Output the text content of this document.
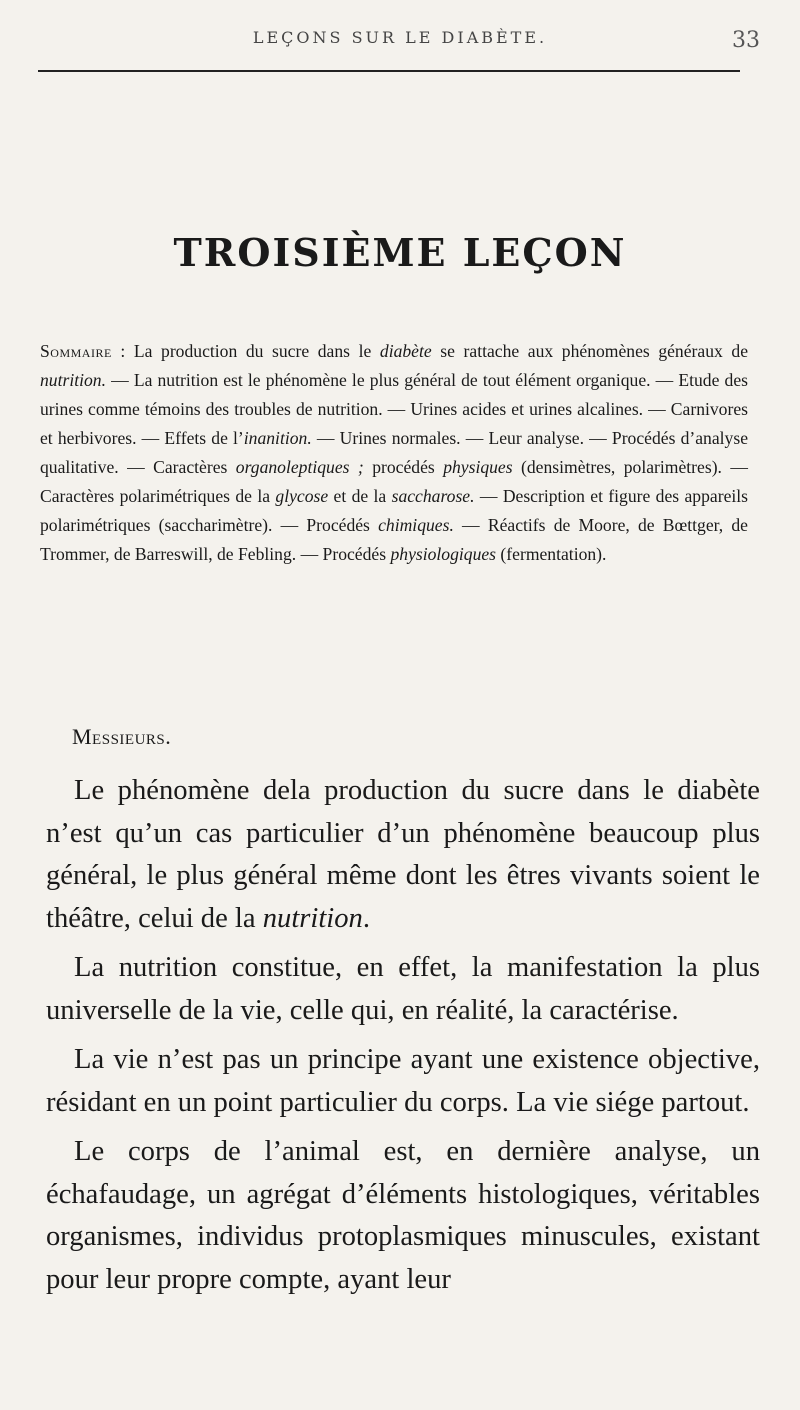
LEÇONS SUR LE DIABÈTE.	33
TROISIÈME LEÇON
Sommaire : La production du sucre dans le diabète se rattache aux phénomènes généraux de nutrition. — La nutrition est le phénomène le plus général de tout élément organique. — Etude des urines comme témoins des troubles de nutrition. — Urines acides et urines alcalines. — Carnivores et herbivores. — Effets de l’inanition. — Urines normales. — Leur analyse. — Procédés d’analyse qualitative. — Caractères organoleptiques ; procédés physiques (densimètres, polarimètres). — Caractères polarimétriques de la glycose et de la saccharose. — Description et figure des appareils polarimétriques (saccharimètre). — Procédés chimiques. — Réactifs de Moore, de Bœttger, de Trommer, de Barreswill, de Febling. — Procédés physiologiques (fermentation).
Messieurs.

Le phénomène dela production du sucre dans le diabète n’est qu’un cas particulier d’un phénomène beaucoup plus général, le plus général même dont les êtres vivants soient le théâtre, celui de la nutrition.

La nutrition constitue, en effet, la manifestation la plus universelle de la vie, celle qui, en réalité, la caractérise.

La vie n’est pas un principe ayant une existence objective, résidant en un point particulier du corps. La vie siége partout.

Le corps de l’animal est, en dernière analyse, un échafaudage, un agrégat d’éléments histologiques, véritables organismes, individus protoplasmiques minuscules, existant pour leur propre compte, ayant leur
